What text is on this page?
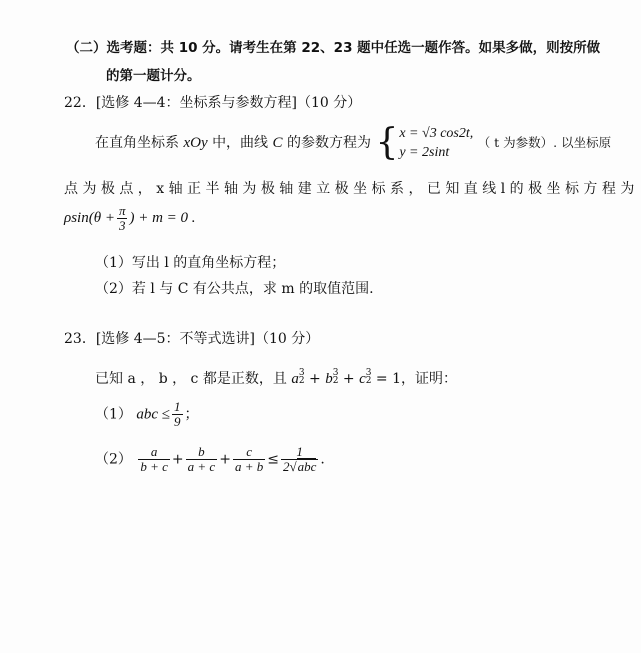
（二）选考题：共 10 分。请考生在第 22、23 题中任选一题作答。如果多做，则按所做
的第一题计分。
22．[选修 4—4：坐标系与参数方程]（10 分）
在直角坐标系 xOy 中，曲线 C 的参数方程为 { x = √3 cos2t,
y = 2sint
（ t 为参数）. 以坐标原
点 为 极 点 ， x 轴 正 半 轴 为 极 轴 建 立 极 坐 标 系 ， 已 知 直 线 l 的 极 坐 标 方 程 为
$\rho\sin(\theta + \frac{\pi}{3}$ ) + m = 0 .
（1）写出 l 的直角坐标方程；
（2）若 l 与 C 有公共点，求 m 的取值范围.
23．[选修 4—5：不等式选讲]（10 分）
已知 a ， b ， c 都是正数，且 a 3
2 + b 3
2 + c 3
2 = 1，证明：
（1） abc ≤ $\frac{1}{9}$ ；
$(2) \frac{a}{b + c} + \frac{b}{a + c} + \frac{c}{a + b} \le \frac{1}{\text{2√abc}}$ .
